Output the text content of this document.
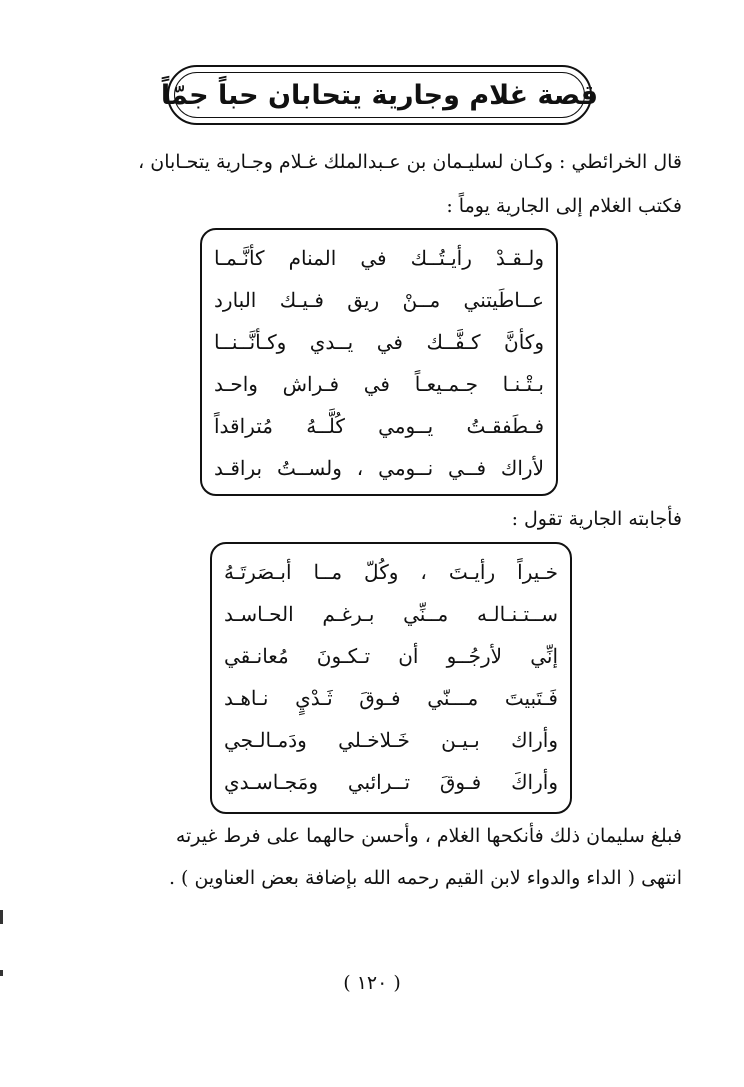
قصة غلام وجارية يتحابان حباً جمّاً
قال الخرائطي : وكـان لسليـمان بن عـبدالملك غـلام وجـارية يتحـابان ،
فكتب الغلام إلى الجارية يوماً :
ولـقـدْ رأيـتُــك في المنام كأنَّـمـا
عــاطَيتني مــنْ ريق فـيـك البارد
وكأنَّ كـفَّــك في يــدي وكـأنَّــنــا
بـتْـنـا جـمـيعـاً في فـراش واحـد
فـطَفقـتُ يــومي كُلَّــهُ مُتراقداً
لأراك فــي نــومي ، ولســتُ براقـد
فأجابته الجارية تقول :
خـيراً رأيـتَ ، وكُلّ مــا أبـصَرتَـهُ
ســتـنـالـه مــنِّي بـرغـم الحـاسـد
إنِّي لأرجُــو أن تـكـونَ مُعانـقي
فَـتَبيتَ مـــنّي فـوقَ ثَـدْيٍ نـاهـد
وأراك بـيـن خَـلاخـلي ودَمـالـجي
وأراكَ فـوقَ تــرائبي ومَجـاسـدي
فبلغ سليمان ذلك فأنكحها الغلام ، وأحسن حالهما على فرط غيرته
انتهى ( الداء والدواء لابن القيم رحمه الله بإضافة بعض العناوين ) .
( ١٢٠ )
